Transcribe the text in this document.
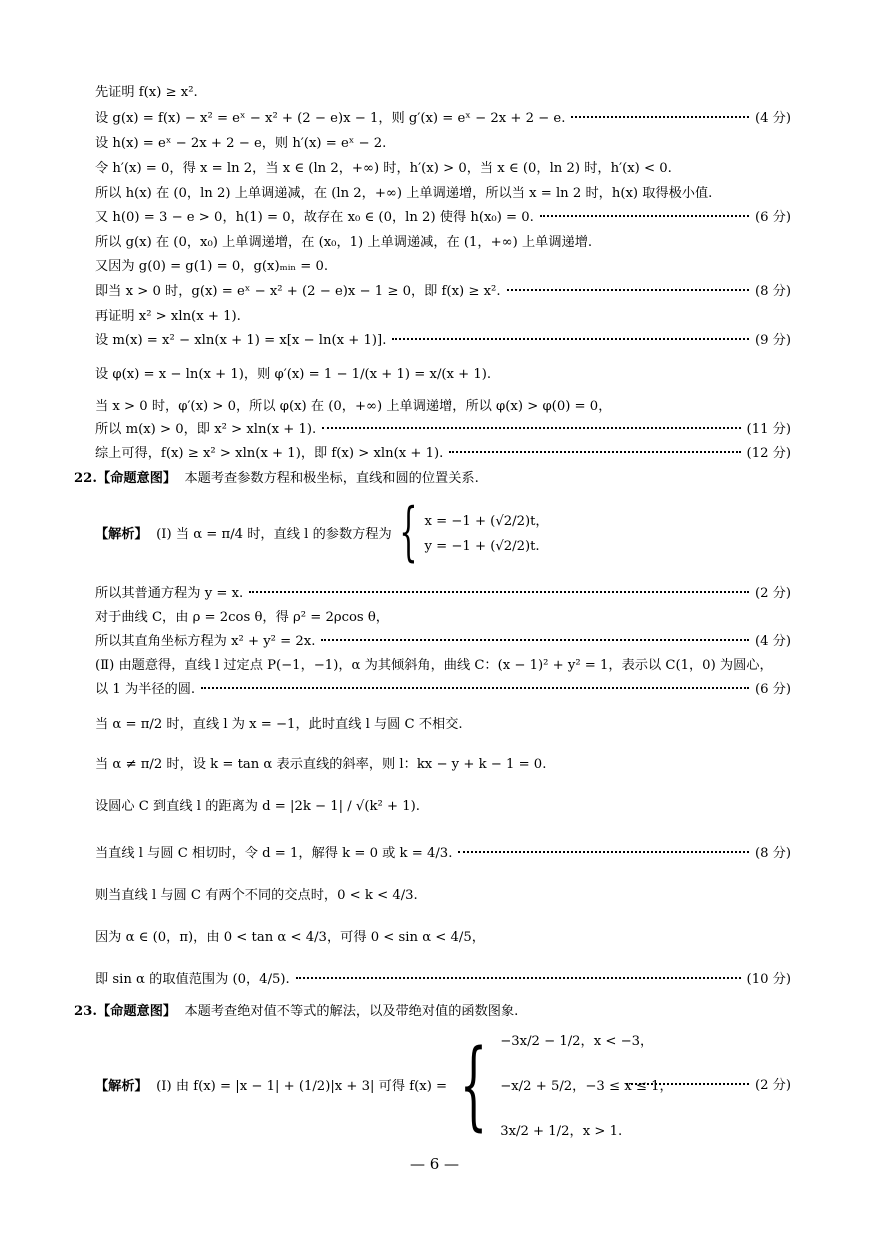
先证明 f(x) ≥ x².
设 g(x) = f(x) − x² = eˣ − x² + (2 − e)x − 1，则 g′(x) = eˣ − 2x + 2 − e.	(4 分)
设 h(x) = eˣ − 2x + 2 − e，则 h′(x) = eˣ − 2.
令 h′(x) = 0，得 x = ln 2，当 x ∈ (ln 2，+∞) 时，h′(x) > 0，当 x ∈ (0，ln 2) 时，h′(x) < 0.
所以 h(x) 在 (0，ln 2) 上单调递减，在 (ln 2，+∞) 上单调递增，所以当 x = ln 2 时，h(x) 取得极小值.
又 h(0) = 3 − e > 0，h(1) = 0，故存在 x₀ ∈ (0，ln 2) 使得 h(x₀) = 0.	(6 分)
所以 g(x) 在 (0，x₀) 上单调递增，在 (x₀，1) 上单调递减，在 (1，+∞) 上单调递增.
又因为 g(0) = g(1) = 0，g(x)ₘᵢₙ = 0.
即当 x > 0 时，g(x) = eˣ − x² + (2 − e)x − 1 ≥ 0，即 f(x) ≥ x².	(8 分)
再证明 x² > xln(x + 1).
设 m(x) = x² − xln(x + 1) = x[x − ln(x + 1)].	(9 分)
设 φ(x) = x − ln(x + 1)，则 φ′(x) = 1 − 1/(x + 1) = x/(x + 1).
当 x > 0 时，φ′(x) > 0，所以 φ(x) 在 (0，+∞) 上单调递增，所以 φ(x) > φ(0) = 0，
所以 m(x) > 0，即 x² > xln(x + 1).	(11 分)
综上可得，f(x) ≥ x² > xln(x + 1)，即 f(x) > xln(x + 1).	(12 分)
22.【命题意图】 本题考查参数方程和极坐标，直线和圆的位置关系.
【解析】
(Ⅰ) 当 α = π/4 时，直线 l 的参数方程为 { x = −1 + (√2/2)t，
y = −1 + (√2/2)t.
所以其普通方程为 y = x.	(2 分)
对于曲线 C，由 ρ = 2cos θ，得 ρ² = 2ρcos θ，
所以其直角坐标方程为 x² + y² = 2x.	(4 分)
(Ⅱ) 由题意得，直线 l 过定点 P(−1，−1)，α 为其倾斜角，曲线 C：(x − 1)² + y² = 1，表示以 C(1，0) 为圆心，
以 1 为半径的圆.	(6 分)
当 α = π/2 时，直线 l 为 x = −1，此时直线 l 与圆 C 不相交.
当 α ≠ π/2 时，设 k = tan α 表示直线的斜率，则 l：kx − y + k − 1 = 0.
设圆心 C 到直线 l 的距离为 d = |2k − 1| / √(k² + 1).
当直线 l 与圆 C 相切时，令 d = 1，解得 k = 0 或 k = 4/3.	(8 分)
则当直线 l 与圆 C 有两个不同的交点时，0 < k < 4/3.
因为 α ∈ (0，π)，由 0 < tan α < 4/3，可得 0 < sin α < 4/5，
即 sin α 的取值范围为 (0，4/5).	(10 分)
23.【命题意图】 本题考查绝对值不等式的解法，以及带绝对值的函数图象.
【解析】
(Ⅰ) 由 f(x) = |x − 1| + (1/2)|x + 3| 可得 f(x) = { −3x/2 − 1/2，x < −3，
−x/2 + 5/2，−3 ≤ x ≤ 1，
3x/2 + 1/2，x > 1.
(2 分)
— 6 —
